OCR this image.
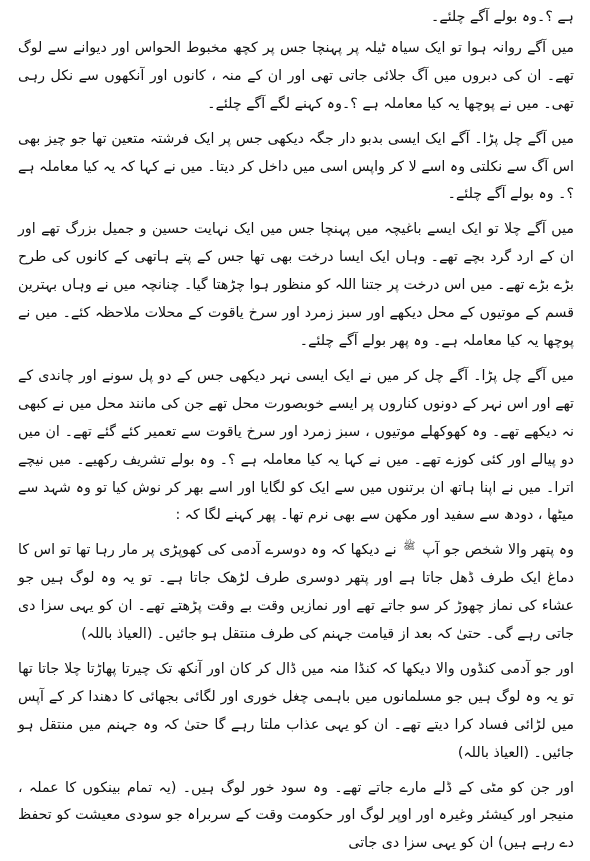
ہے ؟۔وہ بولے آگے چلئے۔

میں آگے روانہ ہوا تو ایک سیاہ ٹیلہ پر پہنچا جس پر کچھ مخبوط الحواس اور دیوانے سے لوگ تھے۔ ان کی دبروں میں آگ جلائی جاتی تھی اور ان کے منہ ، کانوں اور آنکھوں سے نکل رہی تھی۔ میں نے پوچھا یہ کیا معاملہ ہے ؟۔وہ کہنے لگے آگے چلئے۔

میں آگے چل پڑا۔ آگے ایک ایسی بدبو دار جگہ دیکھی جس پر ایک فرشتہ متعین تھا جو چیز بھی اس آگ سے نکلتی وہ اسے لا کر واپس اسی میں داخل کر دیتا۔ میں نے کہا کہ یہ کیا معاملہ ہے ؟۔ وہ بولے آگے چلئے۔

میں آگے چلا تو ایک ایسے باغیچہ میں پہنچا جس میں ایک نہایت حسین و جمیل بزرگ تھے اور ان کے ارد گرد بچے تھے۔ وہاں ایک ایسا درخت بھی تھا جس کے پتے ہاتھی کے کانوں کی طرح بڑے بڑے تھے۔ میں اس درخت پر جتنا اللہ کو منظور ہوا چڑھتا گیا۔ چنانچہ میں نے وہاں بہترین قسم کے موتیوں کے محل دیکھے اور سبز زمرد اور سرخ یاقوت کے محلات ملاحظہ کئے۔ میں نے پوچھا یہ کیا معاملہ ہے۔ وہ پھر بولے آگے چلئے۔

میں آگے چل پڑا۔ آگے چل کر میں نے ایک ایسی نہر دیکھی جس کے دو پل سونے اور چاندی کے تھے اور اس نہر کے دونوں کناروں پر ایسے خوبصورت محل تھے جن کی مانند محل میں نے کبھی نہ دیکھے تھے۔ وہ کھوکھلے موتیوں ، سبز زمرد اور سرخ یاقوت سے تعمیر کئے گئے تھے۔ ان میں دو پیالے اور کئی کوزے تھے۔ میں نے کہا یہ کیا معاملہ ہے ؟۔ وہ بولے تشریف رکھیے۔ میں نیچے اترا۔ میں نے اپنا ہاتھ ان برتنوں میں سے ایک کو لگایا اور اسے بھر کر نوش کیا تو وہ شہد سے میٹھا ، دودھ سے سفید اور مکھن سے بھی نرم تھا۔ پھر کہنے لگا کہ :

وہ پتھر والا شخص جو آپ ﷺ نے دیکھا کہ وہ دوسرے آدمی کی کھوپڑی پر مار رہا تھا تو اس کا دماغ ایک طرف ڈھل جاتا ہے اور پتھر دوسری طرف لڑھک جاتا ہے۔ تو یہ وہ لوگ ہیں جو عشاء کی نماز چھوڑ کر سو جاتے تھے اور نمازیں وقت بے وقت پڑھتے تھے۔ ان کو یہی سزا دی جاتی رہے گی۔ حتیٰ کہ بعد از قیامت جہنم کی طرف منتقل ہو جائیں۔ (العیاذ باللہ)

اور جو آدمی کنڈوں والا دیکھا کہ کنڈا منہ میں ڈال کر کان اور آنکھ تک چیرتا پھاڑتا چلا جاتا تھا تو یہ وہ لوگ ہیں جو مسلمانوں میں باہمی چغل خوری اور لگائی بجھائی کا دھندا کر کے آپس میں لڑائی فساد کرا دیتے تھے۔ ان کو یہی عذاب ملتا رہے گا حتیٰ کہ وہ جہنم میں منتقل ہو جائیں۔ (العیاذ باللہ)

اور جن کو مٹی کے ڈلے مارے جاتے تھے۔ وہ سود خور لوگ ہیں۔ (یہ تمام بینکوں کا عملہ ، منیجر اور کیشئر وغیرہ اور اوپر لوگ اور حکومت وقت کے سربراہ جو سودی معیشت کو تحفظ دے رہے ہیں) ان کو یہی سزا دی جاتی
